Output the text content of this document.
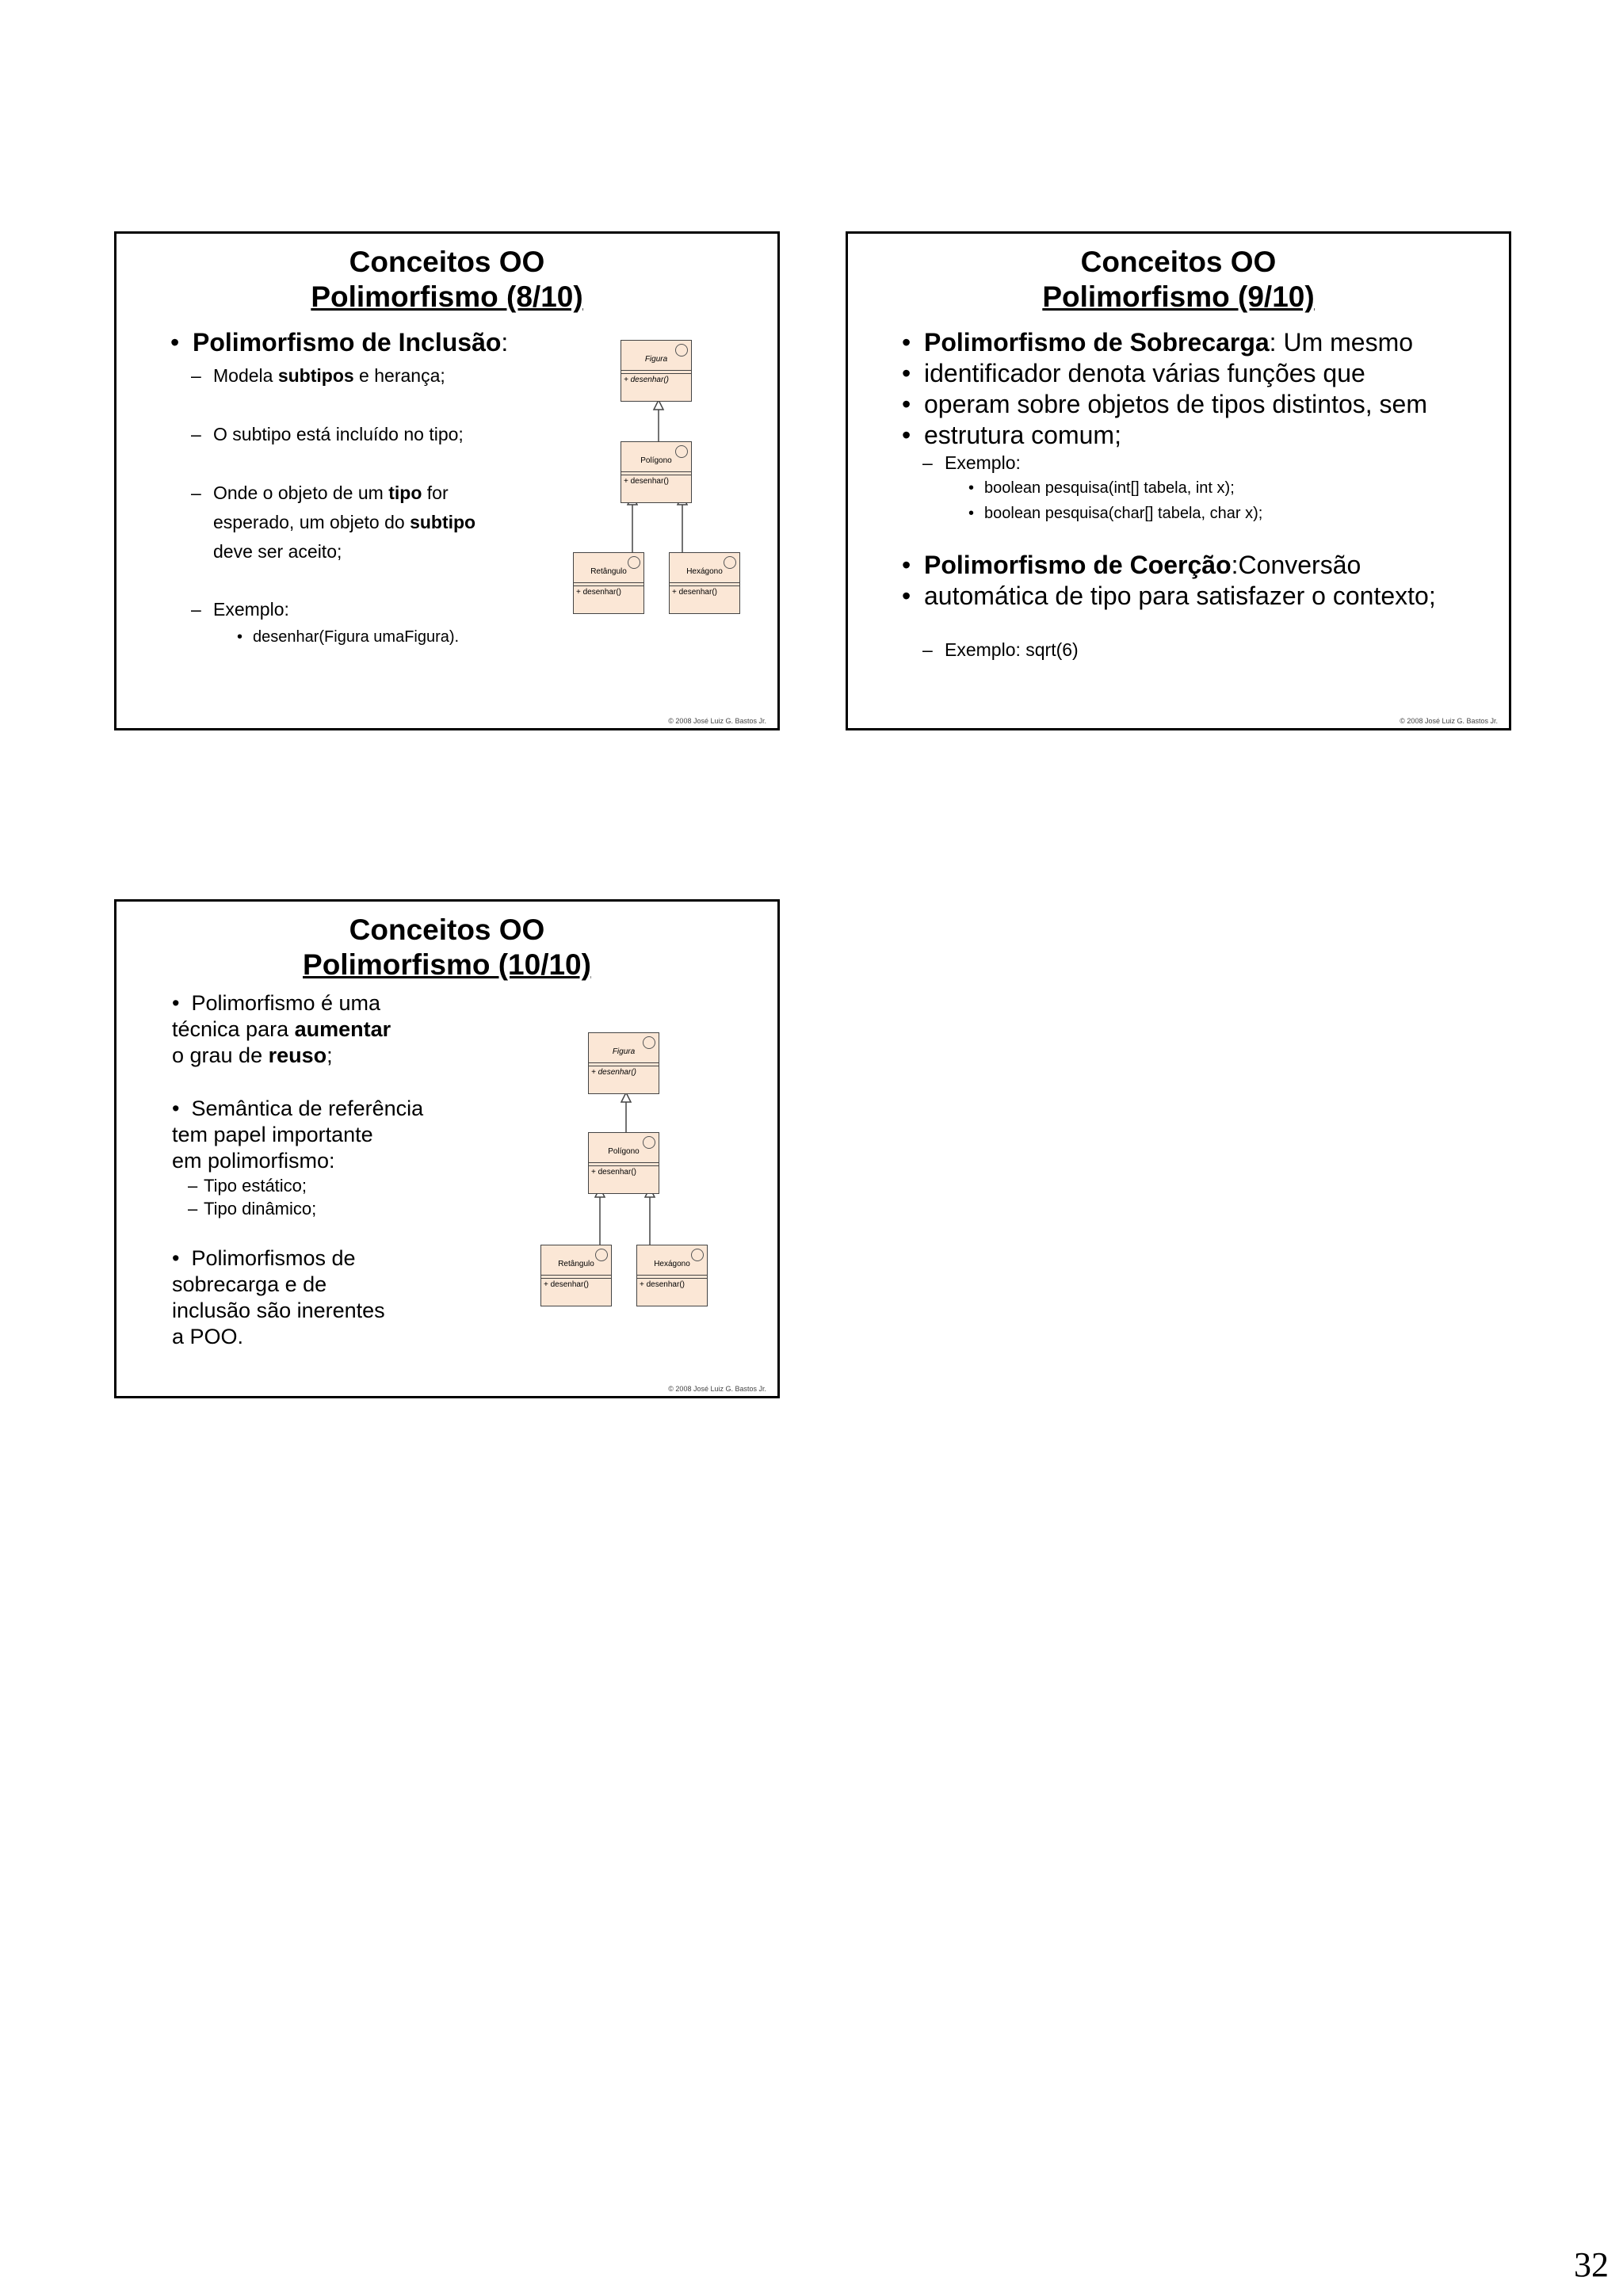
Conceitos OO
Polimorfismo (8/10)
• Polimorfismo de Inclusão:
– Modela subtipos e herança;
– O subtipo está incluído no tipo;
– Onde o objeto de um tipo for
esperado, um objeto do subtipo
deve ser aceito;
– Exemplo:
• desenhar(Figura umaFigura).
Figura
+ desenhar()
Polígono
+ desenhar()
Retângulo
+ desenhar()
Hexágono
+ desenhar()
© 2008 José Luiz G. Bastos Jr.
Conceitos OO
Polimorfismo (9/10)
• Polimorfismo de Sobrecarga: Um mesmo
• identificador denota várias funções que
• operam sobre objetos de tipos distintos, sem
• estrutura comum;
– Exemplo:
• boolean pesquisa(int[] tabela, int x);
• boolean pesquisa(char[] tabela, char x);
• Polimorfismo de Coerção:Conversão
• automática de tipo para satisfazer o contexto;
– Exemplo: sqrt(6)
© 2008 José Luiz G. Bastos Jr.
Conceitos OO
Polimorfismo (10/10)
•  Polimorfismo é uma
técnica para aumentar
o grau de reuso;
•  Semântica de referência
tem papel importante
em polimorfismo:
– Tipo estático;
– Tipo dinâmico;
•  Polimorfismos de
sobrecarga e de
inclusão são inerentes
a POO.
Figura
+ desenhar()
Polígono
+ desenhar()
Retângulo
+ desenhar()
Hexágono
+ desenhar()
© 2008 José Luiz G. Bastos Jr.
32
